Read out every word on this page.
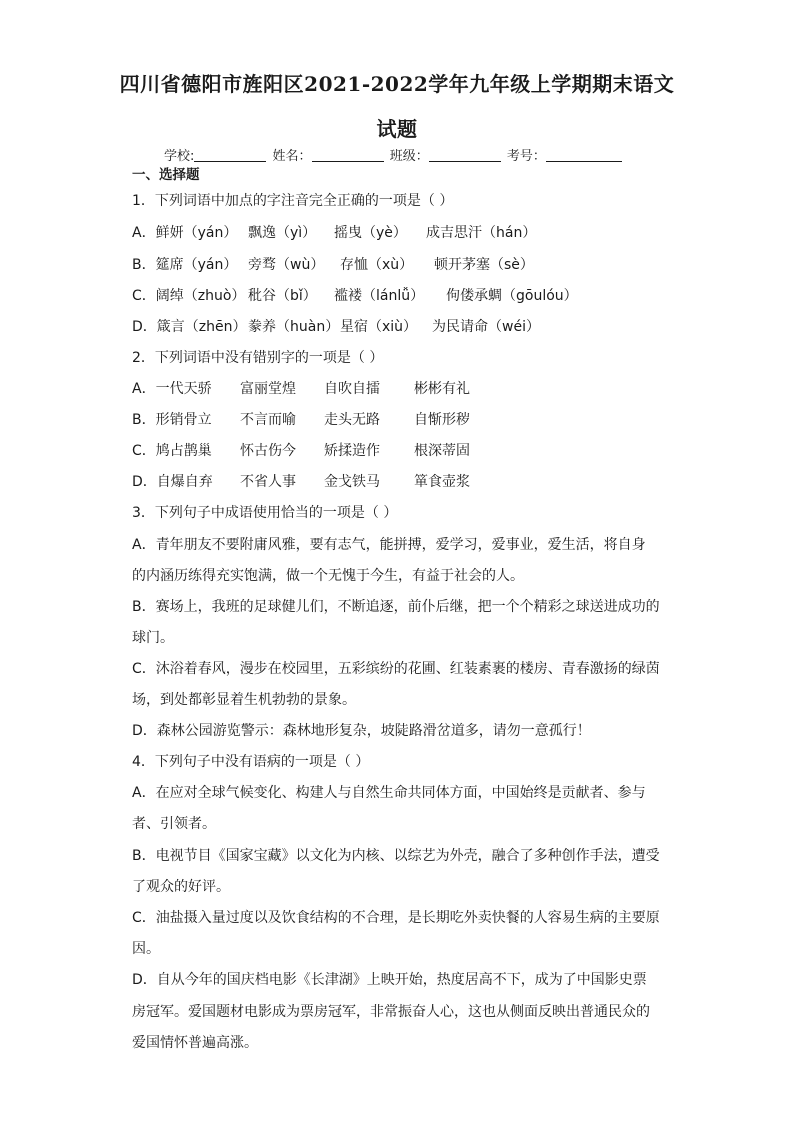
四川省德阳市旌阳区2021-2022学年九年级上学期期末语文
试题
学校:	姓名：	班级：	考号：
一、选择题
1．下列词语中加点的字注音完全正确的一项是（ ）
A．鲜妍（yán） 飘逸（yì） 摇曳（yè） 成吉思汗（hán）
B．筵席（yán） 旁骛（wù） 存恤（xù） 顿开茅塞（sè）
C．阔绰（zhuò） 秕谷（bǐ） 褴褛（lánlǚ） 佝偻承蜩（gōulóu）
D．箴言（zhēn） 豢养（huàn）星宿（xiù） 为民请命（wéi）
2．下列词语中没有错别字的一项是（ ）
A．一代天骄 富丽堂煌 自吹自擂 彬彬有礼
B．形销骨立 不言而喻 走头无路 自惭形秽
C．鸠占鹊巢 怀古伤今 矫揉造作 根深蒂固
D．自爆自弃 不省人事 金戈铁马 箪食壶浆
3．下列句子中成语使用恰当的一项是（ ）
A．青年朋友不要附庸风雅，要有志气，能拼搏，爱学习，爱事业，爱生活，将自身
的内涵历练得充实饱满，做一个无愧于今生，有益于社会的人。
B．赛场上，我班的足球健儿们，不断追逐，前仆后继，把一个个精彩之球送进成功的
球门。
C．沐浴着春风，漫步在校园里，五彩缤纷的花圃、红装素裹的楼房、青春激扬的绿茵
场，到处都彰显着生机勃勃的景象。
D．森林公园游览警示：森林地形复杂，坡陡路滑岔道多，请勿一意孤行！
4．下列句子中没有语病的一项是（ ）
A．在应对全球气候变化、构建人与自然生命共同体方面，中国始终是贡献者、参与
者、引领者。
B．电视节目《国家宝藏》以文化为内核、以综艺为外壳，融合了多种创作手法，遭受
了观众的好评。
C．油盐摄入量过度以及饮食结构的不合理，是长期吃外卖快餐的人容易生病的主要原
因。
D．自从今年的国庆档电影《长津湖》上映开始，热度居高不下，成为了中国影史票
房冠军。爱国题材电影成为票房冠军，非常振奋人心，这也从侧面反映出普通民众的
爱国情怀普遍高涨。
